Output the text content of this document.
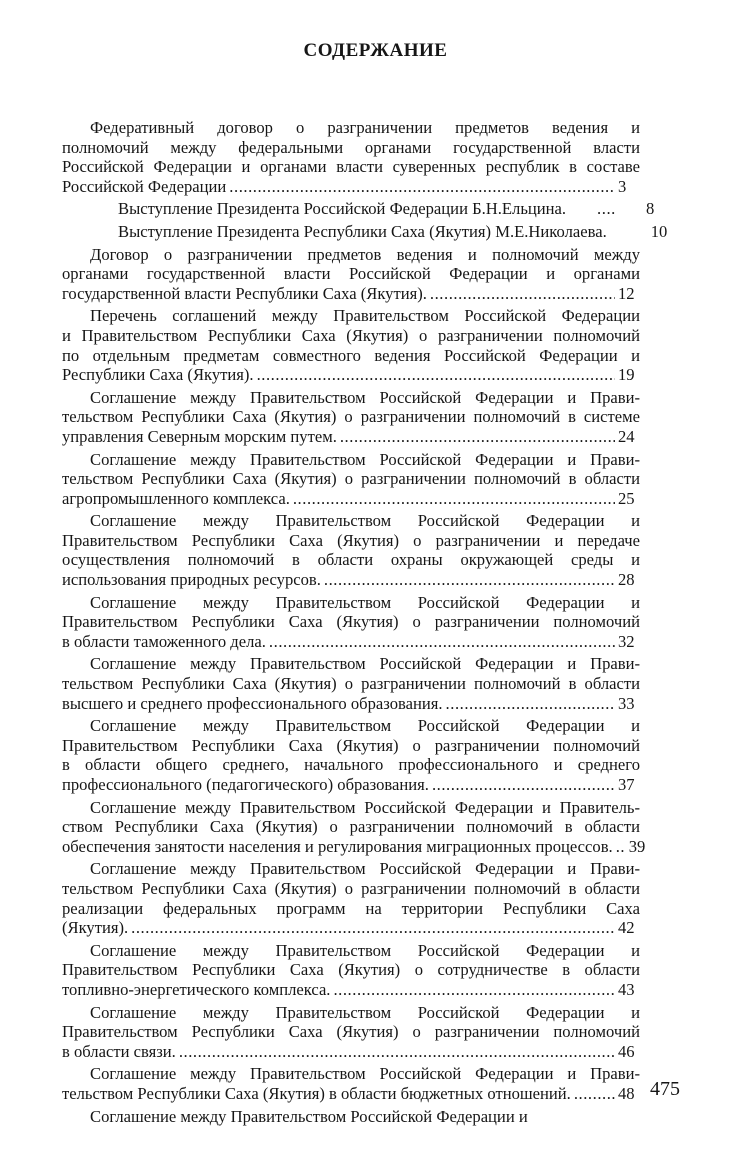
СОДЕРЖАНИЕ
Федеративный договор о разграничении предметов ведения и
полномочий между федеральными органами государственной власти
Российской Федерации и органами власти суверенных республик в составе
Российской Федерации . . .	3
Выступление Президента Российской Федерации Б.Н.Ельцина. . . .	8
Выступление Президента Республики Саха (Якутия) М.Е.Николаева. . . .	10
Договор о разграничении предметов ведения и полномочий между
органами государственной власти Российской Федерации и органами
государственной власти Республики Саха (Якутия). . . .	12
Перечень соглашений между Правительством Российской Федерации
и Правительством Республики Саха (Якутия) о разграничении полномочий
по отдельным предметам совместного ведения Российской Федерации и
Республики Саха (Якутия). . . .	19
Соглашение между Правительством Российской Федерации и Прави-
тельством Республики Саха (Якутия) о разграничении полномочий в системе
управления Северным морским путем. . . .	24
Соглашение между Правительством Российской Федерации и Прави-
тельством Республики Саха (Якутия) о разграничении полномочий в области
агропромышленного комплекса. . . .	25
Соглашение между Правительством Российской Федерации и
Правительством Республики Саха (Якутия) о разграничении и передаче
осуществления полномочий в области охраны окружающей среды и
использования природных ресурсов. . . .	28
Соглашение между Правительством Российской Федерации и
Правительством Республики Саха (Якутия) о разграничении полномочий
в области таможенного дела. . . .	32
Соглашение между Правительством Российской Федерации и Прави-
тельством Республики Саха (Якутия) о разграничении полномочий в области
высшего и среднего профессионального образования. . . .	33
Соглашение между Правительством Российской Федерации и
Правительством Республики Саха (Якутия) о разграничении полномочий
в области общего среднего, начального профессионального и среднего
профессионального (педагогического) образования. . . .	37
Соглашение между Правительством Российской Федерации и Правитель-
ством Республики Саха (Якутия) о разграничении полномочий в области
обеспечения занятости населения и регулирования миграционных процессов. . . . 39
Соглашение между Правительством Российской Федерации и Прави-
тельством Республики Саха (Якутия) о разграничении полномочий в области
реализации федеральных программ на территории Республики Саха
(Якутия). . . .	42
Соглашение между Правительством Российской Федерации и
Правительством Республики Саха (Якутия) о сотрудничестве в области
топливно-энергетического комплекса. . . .	43
Соглашение между Правительством Российской Федерации и
Правительством Республики Саха (Якутия) о разграничении полномочий
в области связи. . . .	46
Соглашение между Правительством Российской Федерации и Прави-
тельством Республики Саха (Якутия) в области бюджетных отношений. . . .	48
Соглашение между Правительством Российской Федерации и
475
